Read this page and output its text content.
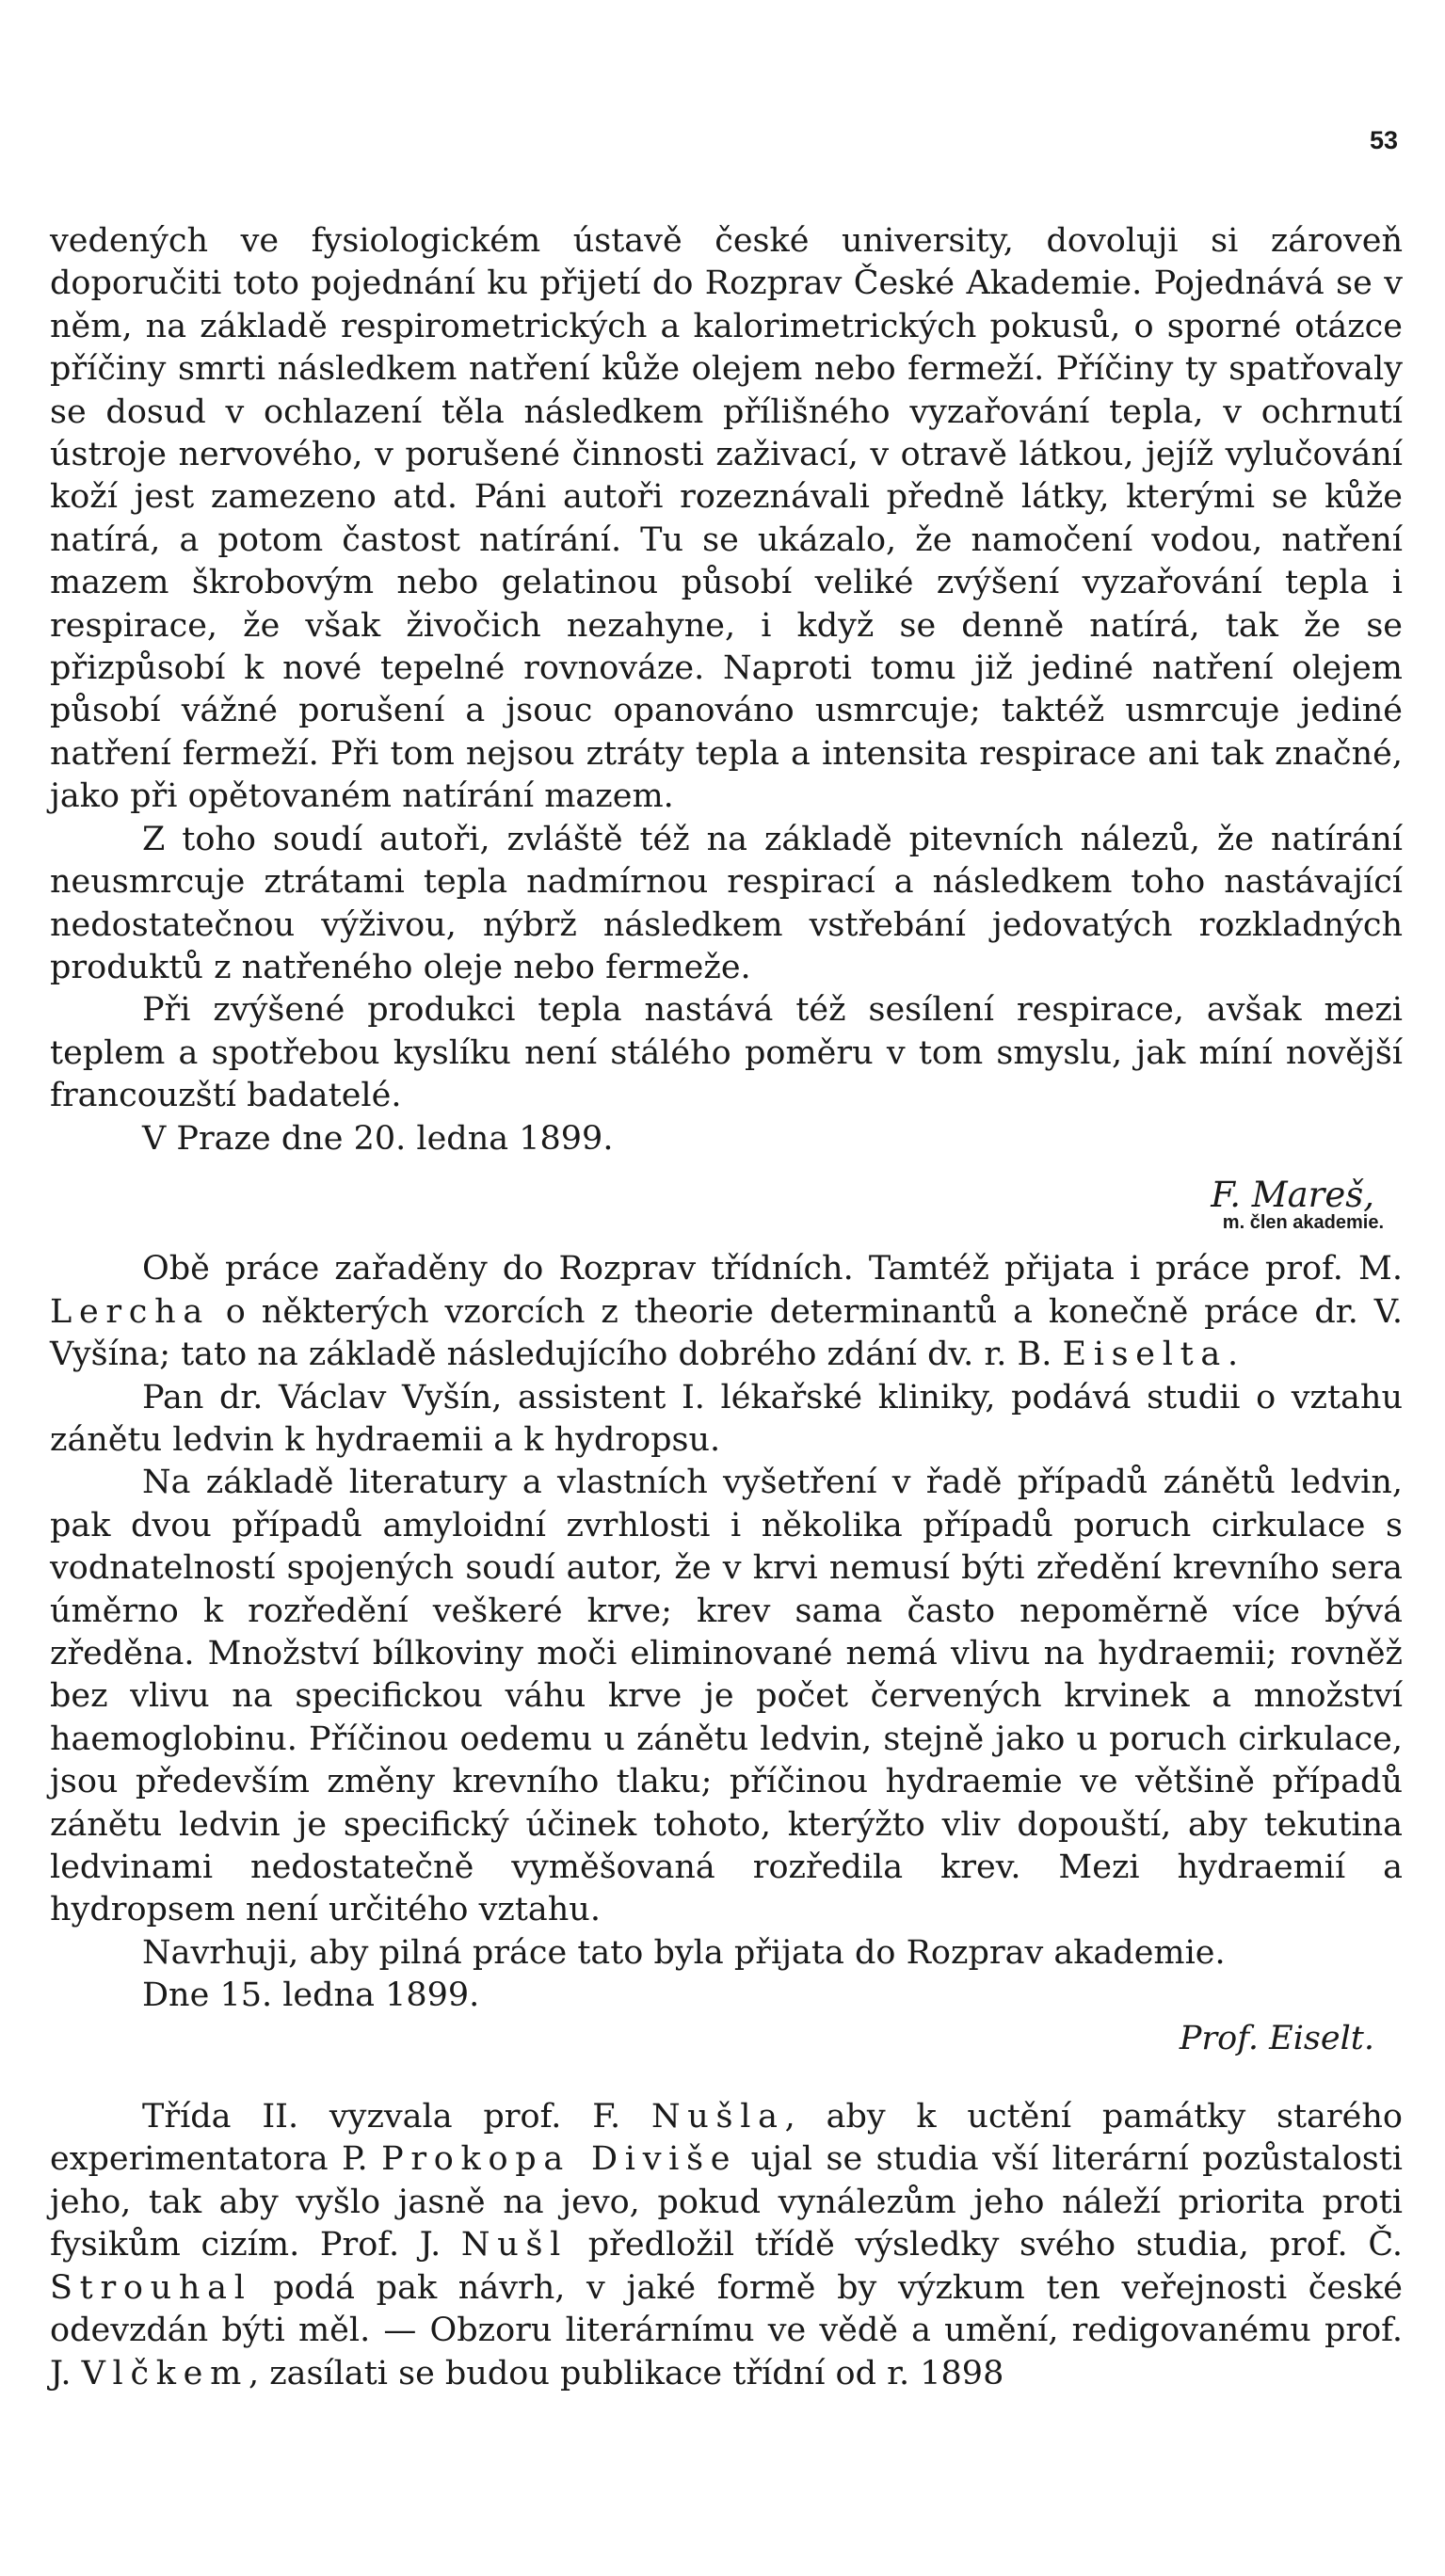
53

vedených ve fysiologickém ústavě české university, dovoluji si zároveň doporučiti toto pojednání ku přijetí do Rozprav České Akademie. Pojednává se v něm, na základě respirometrických a kalorimetrických pokusů, o sporné otázce příčiny smrti následkem natření kůže olejem nebo fermeží. Příčiny ty spatřovaly se dosud v ochlazení těla následkem přílišného vyzařování tepla, v ochrnutí ústroje nervového, v porušené činnosti zaživací, v otravě látkou, jejíž vylučování koží jest zamezeno atd. Páni autoři rozeznávali předně látky, kterými se kůže natírá, a potom častost natírání. Tu se ukázalo, že namočení vodou, natření mazem škrobovým nebo gelatinou působí veliké zvýšení vyzařování tepla i respirace, že však živočich nezahyne, i když se denně natírá, tak že se přizpůsobí k nové tepelné rovnováze. Naproti tomu již jediné natření olejem působí vážné porušení a jsouc opanováno usmrcuje; taktéž usmrcuje jediné natření fermeží. Při tom nejsou ztráty tepla a intensita respirace ani tak značné, jako při opětovaném natírání mazem.

Z toho soudí autoři, zvláště též na základě pitevních nálezů, že natírání neusmrcuje ztrátami tepla nadmírnou respirací a následkem toho nastávající nedostatečnou výživou, nýbrž následkem vstřebání jedovatých rozkladných produktů z natřeného oleje nebo fermeže.

Při zvýšené produkci tepla nastává též sesílení respirace, avšak mezi teplem a spotřebou kyslíku není stálého poměru v tom smyslu, jak míní novější francouzští badatelé.

V Praze dne 20. ledna 1899.

F. Mareš,

m. člen akademie.

Obě práce zařaděny do Rozprav třídních. Tamtéž přijata i práce prof. M. Lercha o některých vzorcích z theorie determinantů a konečně práce dr. V. Vyšína; tato na základě následujícího dobrého zdání dv. r. B. Eiselta.

Pan dr. Václav Vyšín, assistent I. lékařské kliniky, podává studii o vztahu zánětu ledvin k hydraemii a k hydropsu.

Na základě literatury a vlastních vyšetření v řadě případů zánětů ledvin, pak dvou případů amyloidní zvrhlosti i několika případů poruch cirkulace s vodnatelností spojených soudí autor, že v krvi nemusí býti zředění krevního sera úměrno k rozředění veškeré krve; krev sama často nepoměrně více bývá zředěna. Množství bílkoviny moči eliminované nemá vlivu na hydraemii; rovněž bez vlivu na specifickou váhu krve je počet červených krvinek a množství haemoglobinu. Příčinou oedemu u zánětu ledvin, stejně jako u poruch cirkulace, jsou především změny krevního tlaku; příčinou hydraemie ve většině případů zánětu ledvin je specifický účinek tohoto, kterýžto vliv dopouští, aby tekutina ledvinami nedostatečně vyměšovaná rozředila krev. Mezi hydraemií a hydropsem není určitého vztahu.

Navrhuji, aby pilná práce tato byla přijata do Rozprav akademie.

Dne 15. ledna 1899.

Prof. Eiselt.

Třída II. vyzvala prof. F. Nušla, aby k uctění památky starého experimentatora P. Prokopa Diviše ujal se studia vší literární pozůstalosti jeho, tak aby vyšlo jasně na jevo, pokud vynálezům jeho náleží priorita proti fysikům cizím. Prof. J. Nušl předložil třídě výsledky svého studia, prof. Č. Strouhal podá pak návrh, v jaké formě by výzkum ten veřejnosti české odevzdán býti měl. — Obzoru literárnímu ve vědě a umění, redigovanému prof. J. Vlčkem, zasílati se budou publikace třídní od r. 1898
